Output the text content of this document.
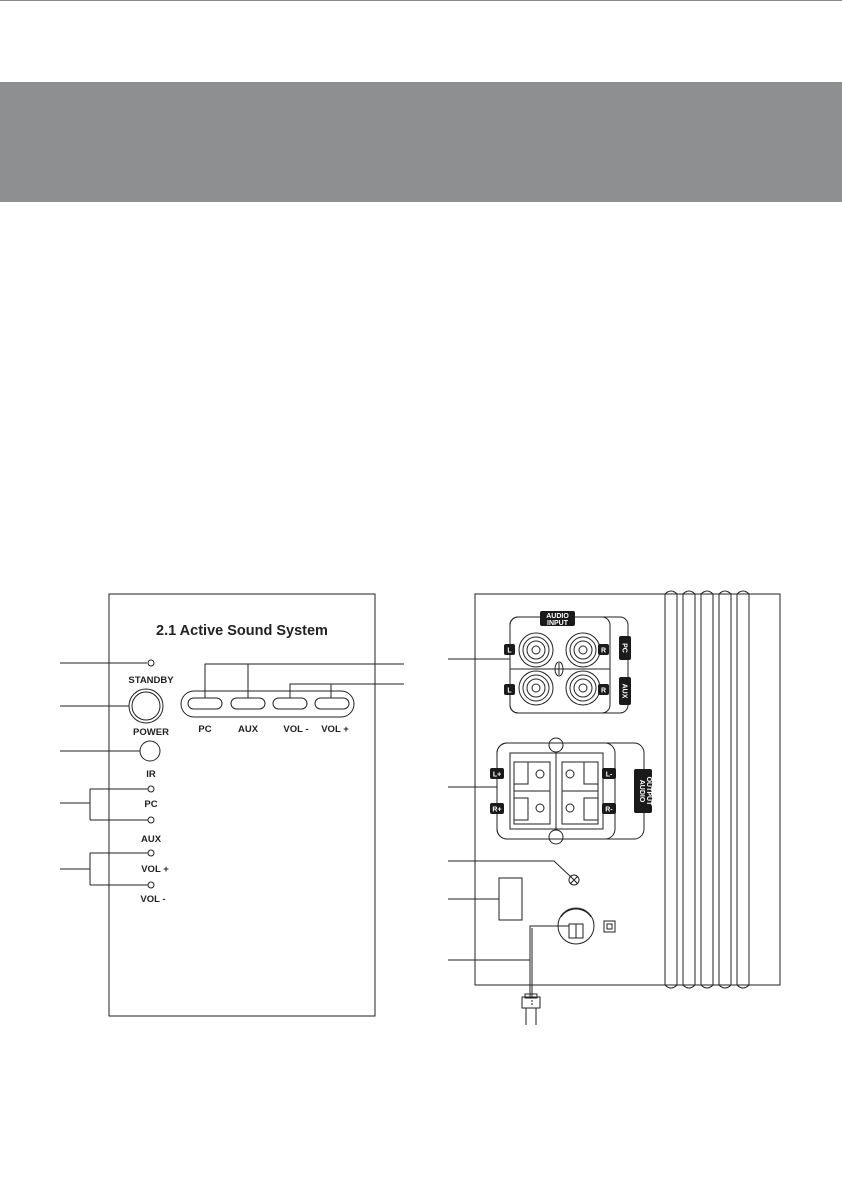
2.1 Active Sound System
STANDBY
POWER
IR
PC
AUX
VOL +
VOL -
PC	AUX	VOL - VOL +
AUDIO
INPUT
L
L
R
R
PC
AUX
L+
R+
L-
R-
AUDIO OUTPUT
